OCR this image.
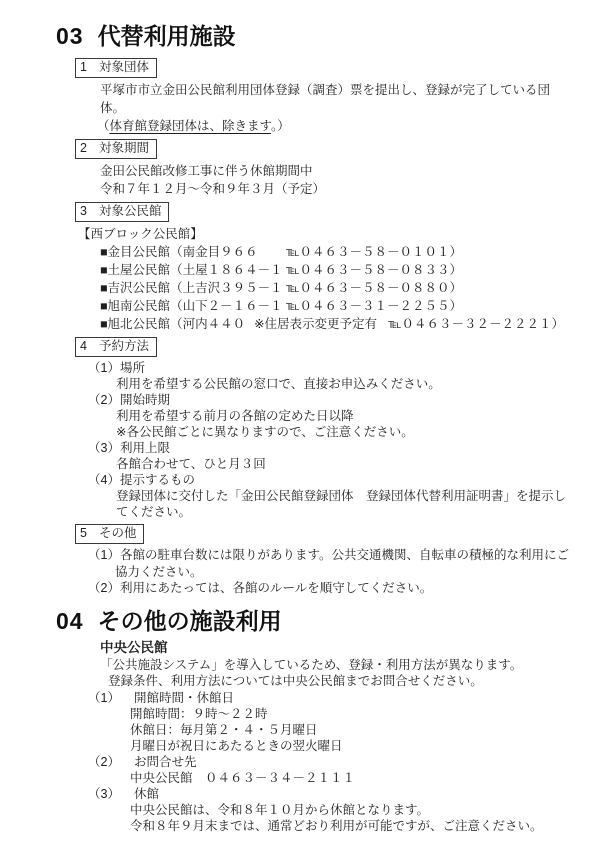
03 代替利用施設
1 対象団体
平塚市市立金田公民館利用団体登録（調査）票を提出し、登録が完了している団体。
（体育館登録団体は、除きます。）
2 対象期間
金田公民館改修工事に伴う休館期間中
令和７年１２月～令和９年３月（予定）
3 対象公民館
【西ブロック公民館】
■金目公民館（南金目９６６ ℡０４６３－５８－０１０１）
■土屋公民館（土屋１８６４－１ ℡０４６３－５８－０８３３）
■吉沢公民館（上吉沢３９５－１ ℡０４６３－５８－０８８０）
■旭南公民館（山下２－１６－１ ℡０４６３－３１－２２５５）
■旭北公民館（河内４４０ ※住居表示変更予定有 ℡０４６３－３２－２２２１）
4 予約方法
（1）場所
利用を希望する公民館の窓口で、直接お申込みください。
（2）開始時期
利用を希望する前月の各館の定めた日以降
※各公民館ごとに異なりますので、ご注意ください。
（3）利用上限
各館合わせて、ひと月３回
（4）提示するもの
登録団体に交付した「金田公民館登録団体　登録団体代替利用証明書」を提示してください。
5 その他
（1）各館の駐車台数には限りがあります。公共交通機関、自転車の積極的な利用にご協力ください。
（2）利用にあたっては、各館のルールを順守してください。
04 その他の施設利用
中央公民館
「公共施設システム」を導入しているため、登録・利用方法が異なります。
登録条件、利用方法については中央公民館までお問合せください。
（1） 開館時間・休館日
開館時間：９時～２２時
休館日：毎月第２・４・５月曜日
月曜日が祝日にあたるときの翌火曜日
（2） お問合せ先
中央公民館　０４６３－３４－２１１１
（3） 休館
中央公民館は、令和８年１０月から休館となります。
令和８年９月末までは、通常どおり利用が可能ですが、ご注意ください。
